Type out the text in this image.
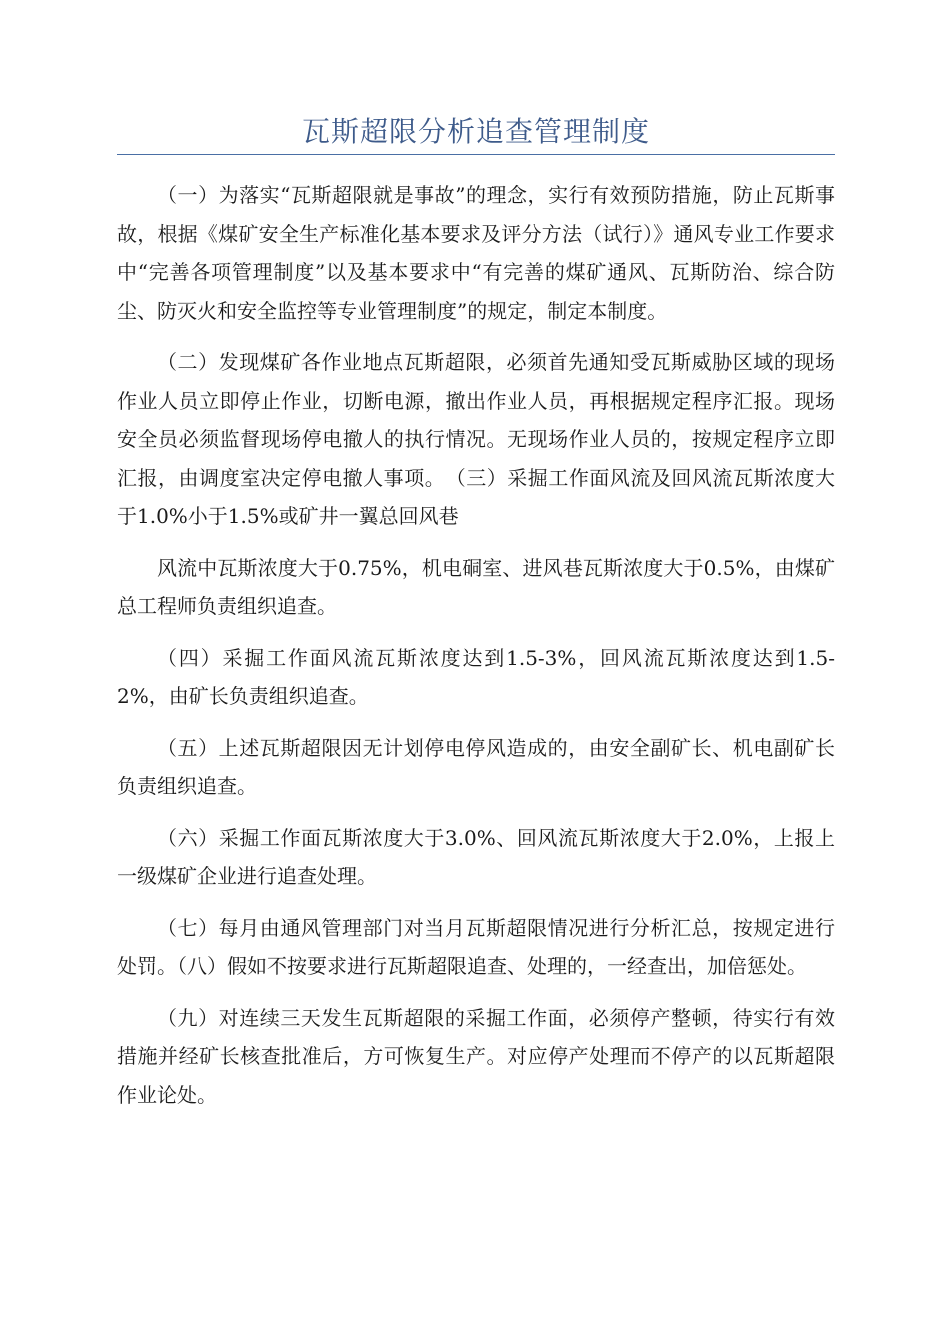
瓦斯超限分析追查管理制度

（一）为落实“瓦斯超限就是事故”的理念，实行有效预防措施，防止瓦斯事故，根据《煤矿安全生产标准化基本要求及评分方法（试行）》通风专业工作要求中“完善各项管理制度”以及基本要求中“有完善的煤矿通风、瓦斯防治、综合防尘、防灭火和安全监控等专业管理制度”的规定，制定本制度。

（二）发现煤矿各作业地点瓦斯超限，必须首先通知受瓦斯威胁区域的现场作业人员立即停止作业，切断电源，撤出作业人员，再根据规定程序汇报。现场安全员必须监督现场停电撤人的执行情况。无现场作业人员的，按规定程序立即汇报，由调度室决定停电撤人事项。　（三）采掘工作面风流及回风流瓦斯浓度大于1.0%小于1.5%或矿井一翼总回风巷

风流中瓦斯浓度大于0.75%，机电硐室、进风巷瓦斯浓度大于0.5%，由煤矿总工程师负责组织追查。

（四）采掘工作面风流瓦斯浓度达到1.5-3%，回风流瓦斯浓度达到1.5-2%，由矿长负责组织追查。

（五）上述瓦斯超限因无计划停电停风造成的，由安全副矿长、机电副矿长负责组织追查。

（六）采掘工作面瓦斯浓度大于3.0%、回风流瓦斯浓度大于2.0%，上报上一级煤矿企业进行追查处理。

（七）每月由通风管理部门对当月瓦斯超限情况进行分析汇总，按规定进行处罚。（八）假如不按要求进行瓦斯超限追查、处理的，一经查出，加倍惩处。

（九）对连续三天发生瓦斯超限的采掘工作面，必须停产整顿，待实行有效措施并经矿长核查批准后，方可恢复生产。对应停产处理而不停产的以瓦斯超限作业论处。
